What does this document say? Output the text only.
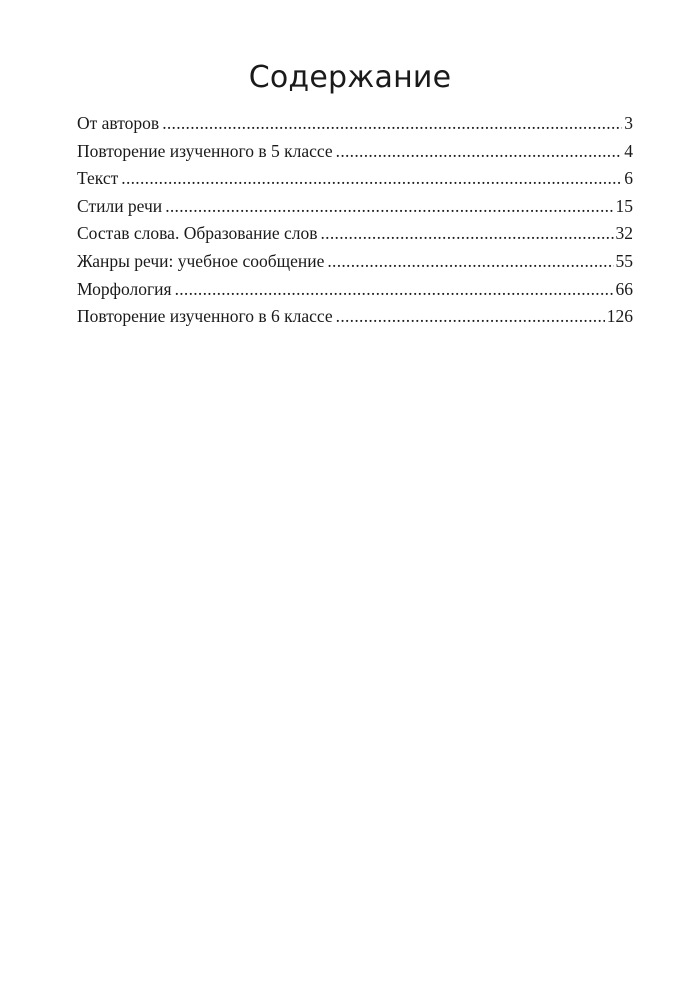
Содержание
От авторов .....	3
Повторение изученного в 5 классе .....	4
Текст .....	6
Стили речи .....	15
Состав слова. Образование слов .....	32
Жанры речи: учебное сообщение .....	55
Морфология .....	66
Повторение изученного в 6 классе .....	126
